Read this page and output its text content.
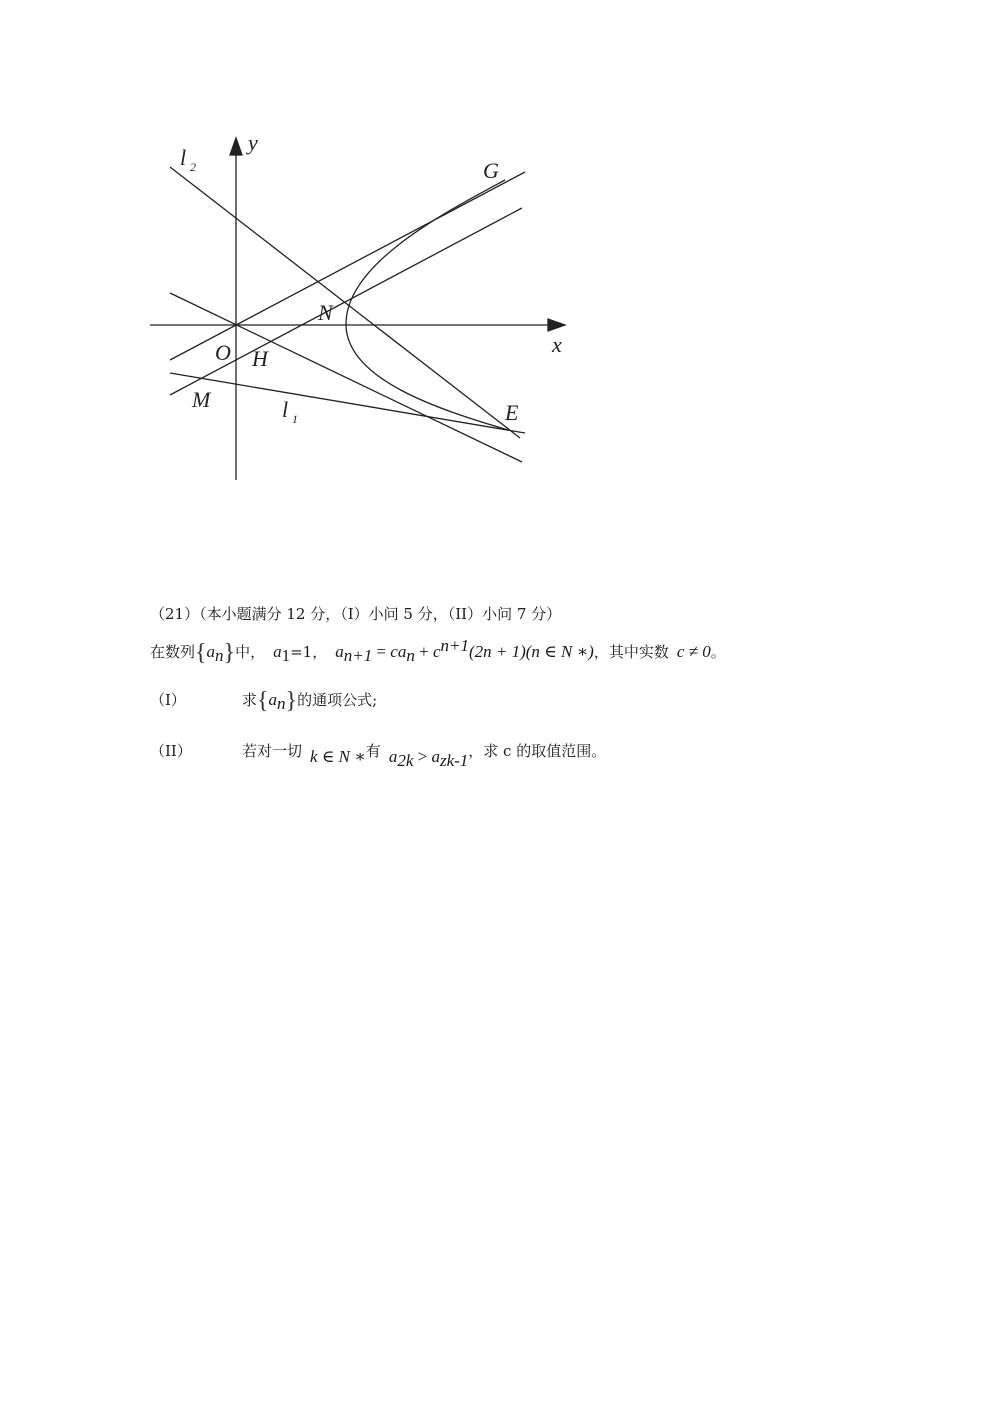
y
x
l 2	G
N
O H
M	l 1	E
（21）（本小题满分 12 分，（I）小问 5 分，（II）小问 7 分）
在数列$\{a_n\}$中， $a_1=1$， $a_{n+1} = ca_n + c^{n+1}(2n + 1)(n$ ∈ N ∗)，其中实数 c ≠ 0。
（I）	求$\{a_n\}$的通项公式;
（II）	若对一切 k ∈ N ∗有 $a_{2k} > a_{zk-1}$，求 c 的取值范围。
